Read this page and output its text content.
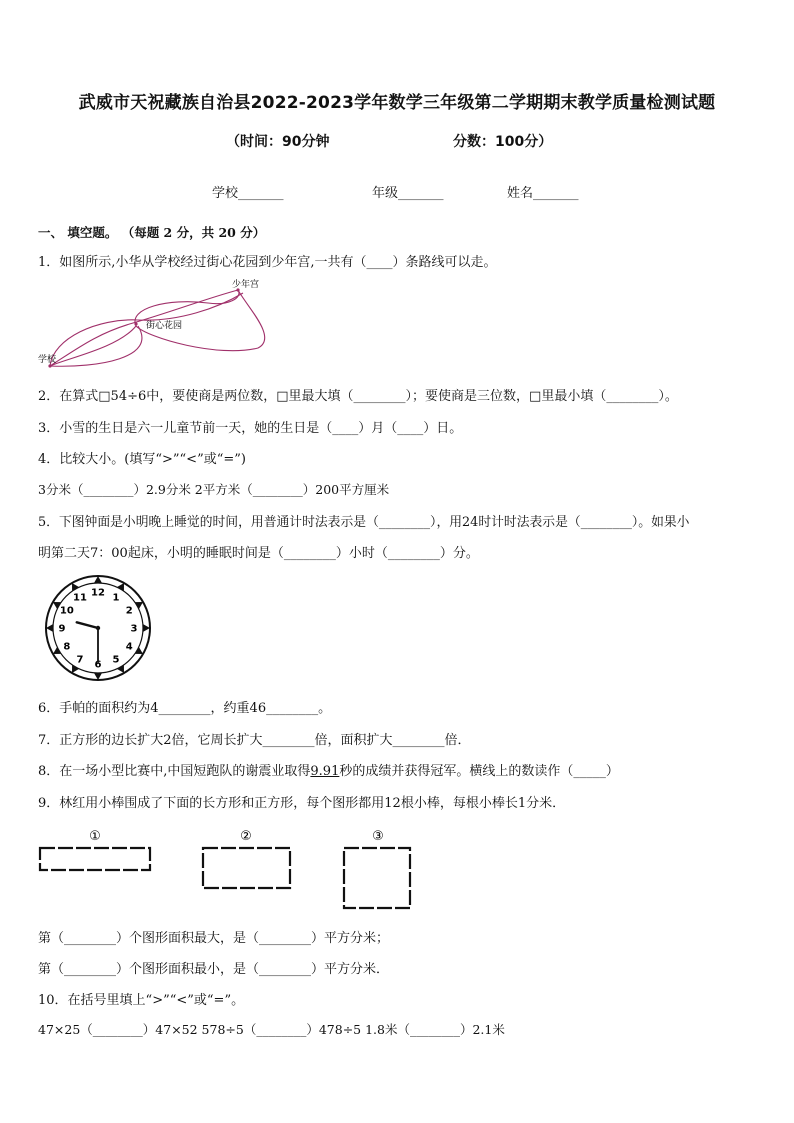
武威市天祝藏族自治县2022-2023学年数学三年级第二学期期末教学质量检测试题
（时间：90分钟	分数：100分）
学校_______	年级_______	姓名_______
一、 填空题。 （每题 2 分，共 20 分）
1．如图所示,小华从学校经过街心花园到少年宫,一共有（____）条路线可以走。
学校
街心花园
少年宫
2．在算式□54÷6中，要使商是两位数，□里最大填（________）；要使商是三位数，□里最小填（________）。
3．小雪的生日是六一儿童节前一天，她的生日是（____）月（____）日。
4．比较大小。(填写“>”“<”或“=”)
3分米（________）2.9分米 2平方米（________）200平方厘米
5．下图钟面是小明晚上睡觉的时间，用普通计时法表示是（________），用24时计时法表示是（________）。如果小
明第二天7：00起床，小明的睡眠时间是（________）小时（________）分。
12 1
2
3
4
5
6
7
8
9
10
11
6．手帕的面积约为4________，约重46________。
7．正方形的边长扩大2倍，它周长扩大________倍，面积扩大________倍．
8．在一场小型比赛中,中国短跑队的谢震业取得9.91秒的成绩并获得冠军。横线上的数读作（_____）
9．林红用小棒围成了下面的长方形和正方形，每个图形都用12根小棒，每根小棒长1分米．
①	②	③
第（________）个图形面积最大，是（________）平方分米；
第（________）个图形面积最小，是（________）平方分米．
10．在括号里填上“>”“<”或“=”。
47×25（________）47×52 578÷5（________）478÷5 1.8米（________）2.1米
